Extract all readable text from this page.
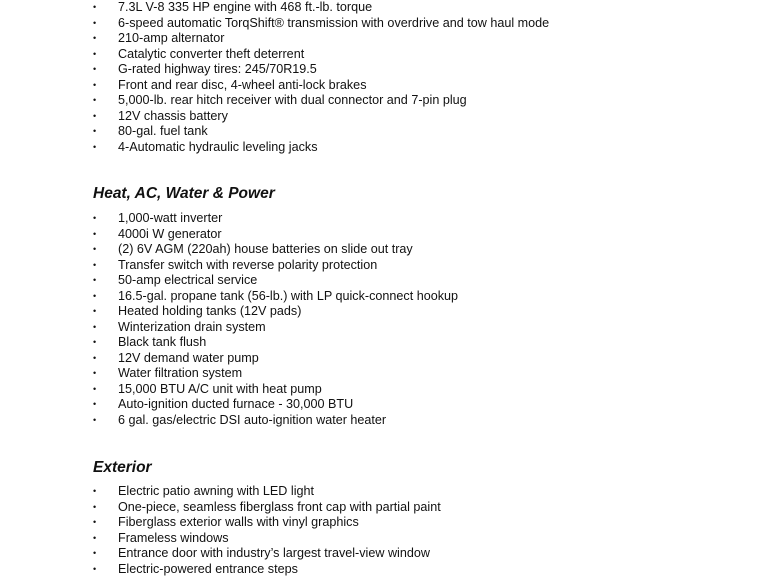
• 7.3L V-8 335 HP engine with 468 ft.-lb. torque
• 6-speed automatic TorqShift® transmission with overdrive and tow haul mode
• 210-amp alternator
• Catalytic converter theft deterrent
• G-rated highway tires: 245/70R19.5
• Front and rear disc, 4-wheel anti-lock brakes
• 5,000-lb. rear hitch receiver with dual connector and 7-pin plug
• 12V chassis battery
• 80-gal. fuel tank
• 4-Automatic hydraulic leveling jacks
Heat, AC, Water & Power
• 1,000-watt inverter
• 4000i W generator
• (2) 6V AGM (220ah) house batteries on slide out tray
• Transfer switch with reverse polarity protection
• 50-amp electrical service
• 16.5-gal. propane tank (56-lb.) with LP quick-connect hookup
• Heated holding tanks (12V pads)
• Winterization drain system
• Black tank flush
• 12V demand water pump
• Water filtration system
• 15,000 BTU A/C unit with heat pump
• Auto-ignition ducted furnace - 30,000 BTU
• 6 gal. gas/electric DSI auto-ignition water heater
Exterior
• Electric patio awning with LED light
• One-piece, seamless fiberglass front cap with partial paint
• Fiberglass exterior walls with vinyl graphics
• Frameless windows
• Entrance door with industry’s largest travel-view window
• Electric-powered entrance steps
